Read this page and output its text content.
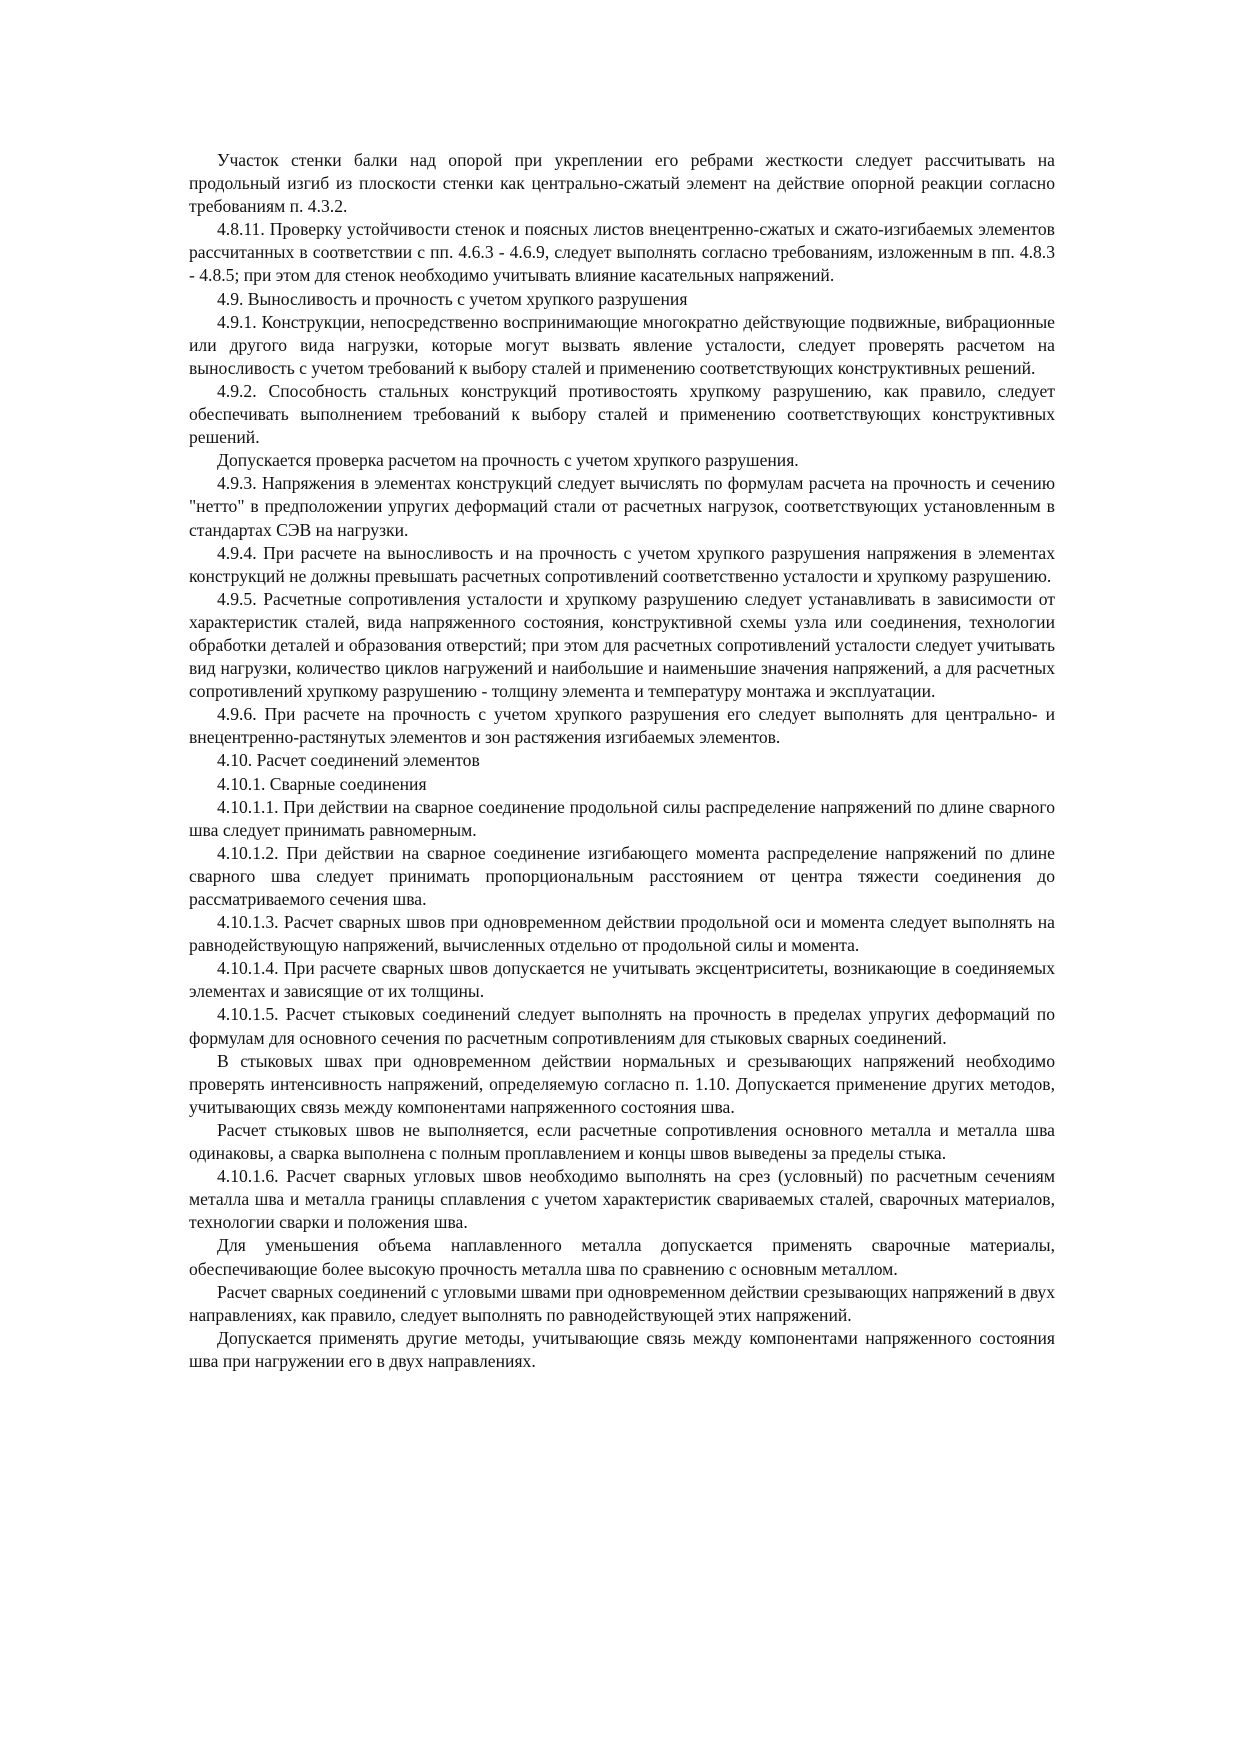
Участок стенки балки над опорой при укреплении его ребрами жесткости следует рассчитывать на продольный изгиб из плоскости стенки как центрально-сжатый элемент на действие опорной реакции согласно требованиям п. 4.3.2.

4.8.11. Проверку устойчивости стенок и поясных листов внецентренно-сжатых и сжато-изгибаемых элементов рассчитанных в соответствии с пп. 4.6.3 - 4.6.9, следует выполнять согласно требованиям, изложенным в пп. 4.8.3 - 4.8.5; при этом для стенок необходимо учитывать влияние касательных напряжений.

4.9. Выносливость и прочность с учетом хрупкого разрушения

4.9.1. Конструкции, непосредственно воспринимающие многократно действующие подвижные, вибрационные или другого вида нагрузки, которые могут вызвать явление усталости, следует проверять расчетом на выносливость с учетом требований к выбору сталей и применению соответствующих конструктивных решений.

4.9.2. Способность стальных конструкций противостоять хрупкому разрушению, как правило, следует обеспечивать выполнением требований к выбору сталей и применению соответствующих конструктивных решений.

Допускается проверка расчетом на прочность с учетом хрупкого разрушения.

4.9.3. Напряжения в элементах конструкций следует вычислять по формулам расчета на прочность и сечению "нетто" в предположении упругих деформаций стали от расчетных нагрузок, соответствующих установленным в стандартах СЭВ на нагрузки.

4.9.4. При расчете на выносливость и на прочность с учетом хрупкого разрушения напряжения в элементах конструкций не должны превышать расчетных сопротивлений соответственно усталости и хрупкому разрушению.

4.9.5. Расчетные сопротивления усталости и хрупкому разрушению следует устанавливать в зависимости от характеристик сталей, вида напряженного состояния, конструктивной схемы узла или соединения, технологии обработки деталей и образования отверстий; при этом для расчетных сопротивлений усталости следует учитывать вид нагрузки, количество циклов нагружений и наибольшие и наименьшие значения напряжений, а для расчетных сопротивлений хрупкому разрушению - толщину элемента и температуру монтажа и эксплуатации.

4.9.6. При расчете на прочность с учетом хрупкого разрушения его следует выполнять для центрально- и внецентренно-растянутых элементов и зон растяжения изгибаемых элементов.

4.10. Расчет соединений элементов

4.10.1. Сварные соединения

4.10.1.1. При действии на сварное соединение продольной силы распределение напряжений по длине сварного шва следует принимать равномерным.

4.10.1.2. При действии на сварное соединение изгибающего момента распределение напряжений по длине сварного шва следует принимать пропорциональным расстоянием от центра тяжести соединения до рассматриваемого сечения шва.

4.10.1.3. Расчет сварных швов при одновременном действии продольной оси и момента следует выполнять на равнодействующую напряжений, вычисленных отдельно от продольной силы и момента.

4.10.1.4. При расчете сварных швов допускается не учитывать эксцентриситеты, возникающие в соединяемых элементах и зависящие от их толщины.

4.10.1.5. Расчет стыковых соединений следует выполнять на прочность в пределах упругих деформаций по формулам для основного сечения по расчетным сопротивлениям для стыковых сварных соединений.

В стыковых швах при одновременном действии нормальных и срезывающих напряжений необходимо проверять интенсивность напряжений, определяемую согласно п. 1.10. Допускается применение других методов, учитывающих связь между компонентами напряженного состояния шва.

Расчет стыковых швов не выполняется, если расчетные сопротивления основного металла и металла шва одинаковы, а сварка выполнена с полным проплавлением и концы швов выведены за пределы стыка.

4.10.1.6. Расчет сварных угловых швов необходимо выполнять на срез (условный) по расчетным сечениям металла шва и металла границы сплавления с учетом характеристик свариваемых сталей, сварочных материалов, технологии сварки и положения шва.

Для уменьшения объема наплавленного металла допускается применять сварочные материалы, обеспечивающие более высокую прочность металла шва по сравнению с основным металлом.

Расчет сварных соединений с угловыми швами при одновременном действии срезывающих напряжений в двух направлениях, как правило, следует выполнять по равнодействующей этих напряжений.

Допускается применять другие методы, учитывающие связь между компонентами напряженного состояния шва при нагружении его в двух направлениях.
